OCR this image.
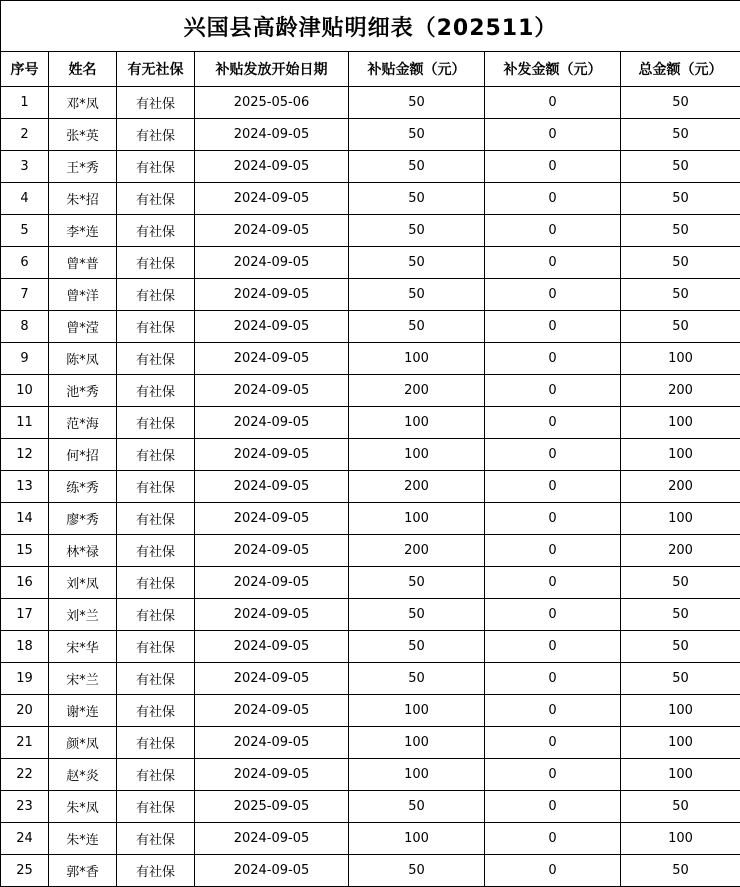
兴国县高龄津贴明细表（202511）						
序号	姓名	有无社保	补贴发放开始日期	补贴金额（元）	补发金额（元）	总金额（元）
1	邓*凤	有社保	2025-05-06	50	0	50
2	张*英	有社保	2024-09-05	50	0	50
3	王*秀	有社保	2024-09-05	50	0	50
4	朱*招	有社保	2024-09-05	50	0	50
5	李*连	有社保	2024-09-05	50	0	50
6	曾*普	有社保	2024-09-05	50	0	50
7	曾*洋	有社保	2024-09-05	50	0	50
8	曾*滢	有社保	2024-09-05	50	0	50
9	陈*凤	有社保	2024-09-05	100	0	100
10	池*秀	有社保	2024-09-05	200	0	200
11	范*海	有社保	2024-09-05	100	0	100
12	何*招	有社保	2024-09-05	100	0	100
13	练*秀	有社保	2024-09-05	200	0	200
14	廖*秀	有社保	2024-09-05	100	0	100
15	林*禄	有社保	2024-09-05	200	0	200
16	刘*凤	有社保	2024-09-05	50	0	50
17	刘*兰	有社保	2024-09-05	50	0	50
18	宋*华	有社保	2024-09-05	50	0	50
19	宋*兰	有社保	2024-09-05	50	0	50
20	谢*连	有社保	2024-09-05	100	0	100
21	颜*凤	有社保	2024-09-05	100	0	100
22	赵*炎	有社保	2024-09-05	100	0	100
23	朱*凤	有社保	2025-09-05	50	0	50
24	朱*连	有社保	2024-09-05	100	0	100
25	郭*香	有社保	2024-09-05	50	0	50
